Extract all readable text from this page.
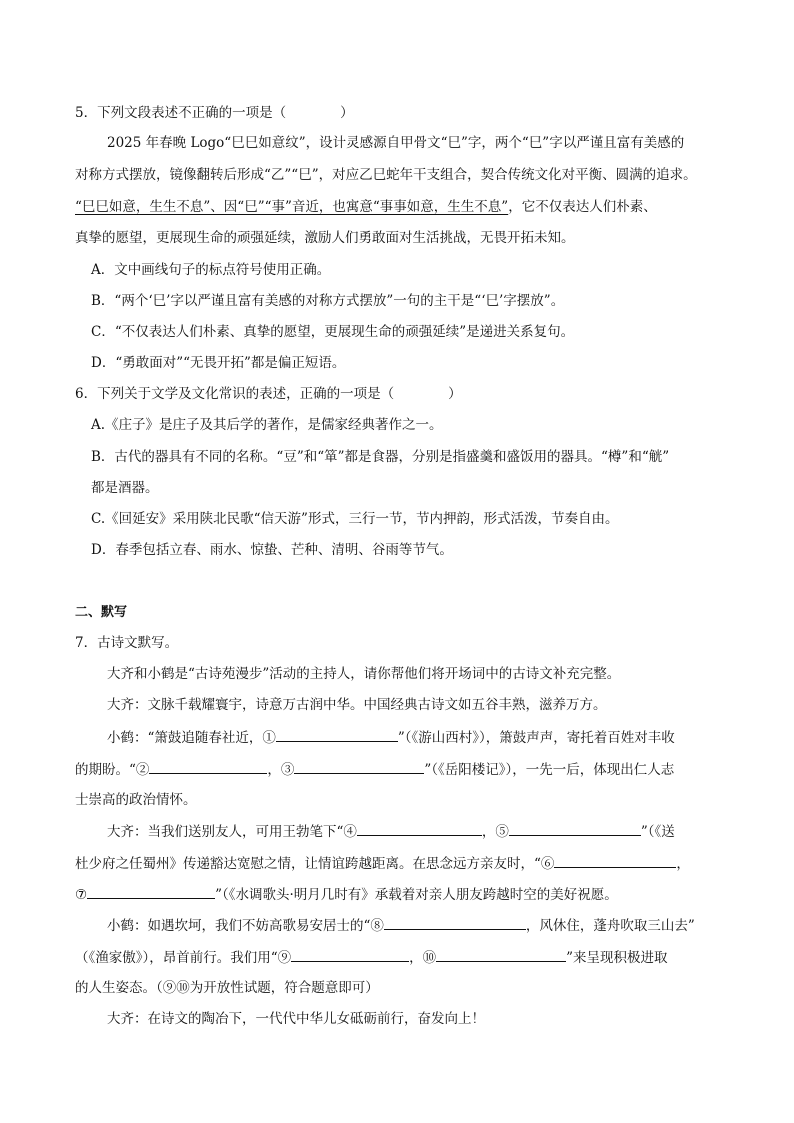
5．下列文段表述不正确的一项是（　　　　）
2025 年春晚 Logo“巳巳如意纹”，设计灵感源自甲骨文“巳”字，两个“巳”字以严谨且富有美感的
对称方式摆放，镜像翻转后形成“乙”“巳”，对应乙巳蛇年干支组合，契合传统文化对平衡、圆满的追求。
“巳巳如意，生生不息”、因“巳”“事”音近，也寓意“事事如意，生生不息”，它不仅表达人们朴素、
真挚的愿望，更展现生命的顽强延续，激励人们勇敢面对生活挑战，无畏开拓未知。
A．文中画线句子的标点符号使用正确。
B．“两个‘巳’字以严谨且富有美感的对称方式摆放”一句的主干是“‘巳’字摆放”。
C．“不仅表达人们朴素、真挚的愿望，更展现生命的顽强延续”是递进关系复句。
D．“勇敢面对”“无畏开拓”都是偏正短语。
6．下列关于文学及文化常识的表述，正确的一项是（　　　　）
A.《庄子》是庄子及其后学的著作，是儒家经典著作之一。
B．古代的器具有不同的名称。“豆”和“箪”都是食器，分别是指盛羹和盛饭用的器具。“樽”和“觥”
都是酒器。
C.《回延安》采用陕北民歌“信天游”形式，三行一节，节内押韵，形式活泼，节奏自由。
D．春季包括立春、雨水、惊蛰、芒种、清明、谷雨等节气。
二、默写
7．古诗文默写。
大齐和小鹤是“古诗苑漫步”活动的主持人，请你帮他们将开场词中的古诗文补充完整。
大齐：文脉千载耀寰宇，诗意万古润中华。中国经典古诗文如五谷丰熟，滋养万方。
小鹤：“箫鼓追随春社近，①	”（《游山西村》），箫鼓声声，寄托着百姓对丰收
的期盼。“②	，③	”（《岳阳楼记》），一先一后，体现出仁人志
士崇高的政治情怀。
大齐：当我们送别友人，可用王勃笔下“④	，⑤	”（《送
杜少府之任蜀州》传递豁达宽慰之情，让情谊跨越距离。在思念远方亲友时，“⑥	，
⑦	”（《水调歌头·明月几时有》承载着对亲人朋友跨越时空的美好祝愿。
小鹤：如遇坎坷，我们不妨高歌易安居士的“⑧	，风休住，蓬舟吹取三山去”
（《渔家傲》），昂首前行。我们用“⑨	，⑩	”来呈现积极进取
的人生姿态。（⑨⑩为开放性试题，符合题意即可）
大齐：在诗文的陶冶下，一代代中华儿女砥砺前行，奋发向上！
